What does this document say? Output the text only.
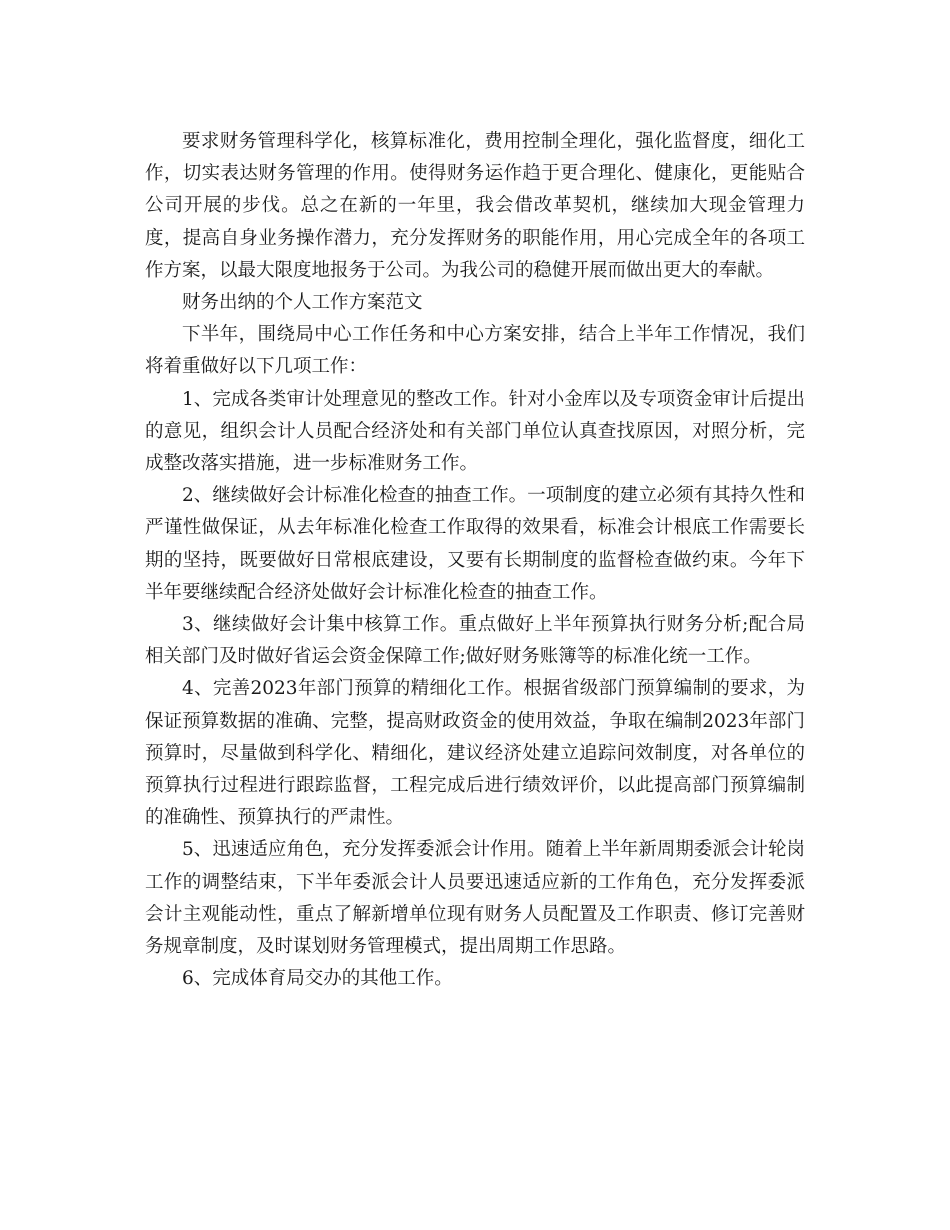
要求财务管理科学化，核算标准化，费用控制全理化，强化监督度，细化工作，切实表达财务管理的作用。使得财务运作趋于更合理化、健康化，更能贴合公司开展的步伐。总之在新的一年里，我会借改革契机，继续加大现金管理力度，提高自身业务操作潜力，充分发挥财务的职能作用，用心完成全年的各项工作方案，以最大限度地报务于公司。为我公司的稳健开展而做出更大的奉献。

财务出纳的个人工作方案范文

下半年，围绕局中心工作任务和中心方案安排，结合上半年工作情况，我们将着重做好以下几项工作：

1、完成各类审计处理意见的整改工作。针对小金库以及专项资金审计后提出的意见，组织会计人员配合经济处和有关部门单位认真查找原因，对照分析，完成整改落实措施，进一步标准财务工作。

2、继续做好会计标准化检查的抽查工作。一项制度的建立必须有其持久性和严谨性做保证，从去年标准化检查工作取得的效果看，标准会计根底工作需要长期的坚持，既要做好日常根底建设，又要有长期制度的监督检查做约束。今年下半年要继续配合经济处做好会计标准化检查的抽查工作。

3、继续做好会计集中核算工作。重点做好上半年预算执行财务分析;配合局相关部门及时做好省运会资金保障工作;做好财务账簿等的标准化统一工作。

4、完善2023年部门预算的精细化工作。根据省级部门预算编制的要求，为保证预算数据的准确、完整，提高财政资金的使用效益，争取在编制2023年部门预算时，尽量做到科学化、精细化，建议经济处建立追踪问效制度，对各单位的预算执行过程进行跟踪监督，工程完成后进行绩效评价，以此提高部门预算编制的准确性、预算执行的严肃性。

5、迅速适应角色，充分发挥委派会计作用。随着上半年新周期委派会计轮岗工作的调整结束，下半年委派会计人员要迅速适应新的工作角色，充分发挥委派会计主观能动性，重点了解新增单位现有财务人员配置及工作职责、修订完善财务规章制度，及时谋划财务管理模式，提出周期工作思路。

6、完成体育局交办的其他工作。
